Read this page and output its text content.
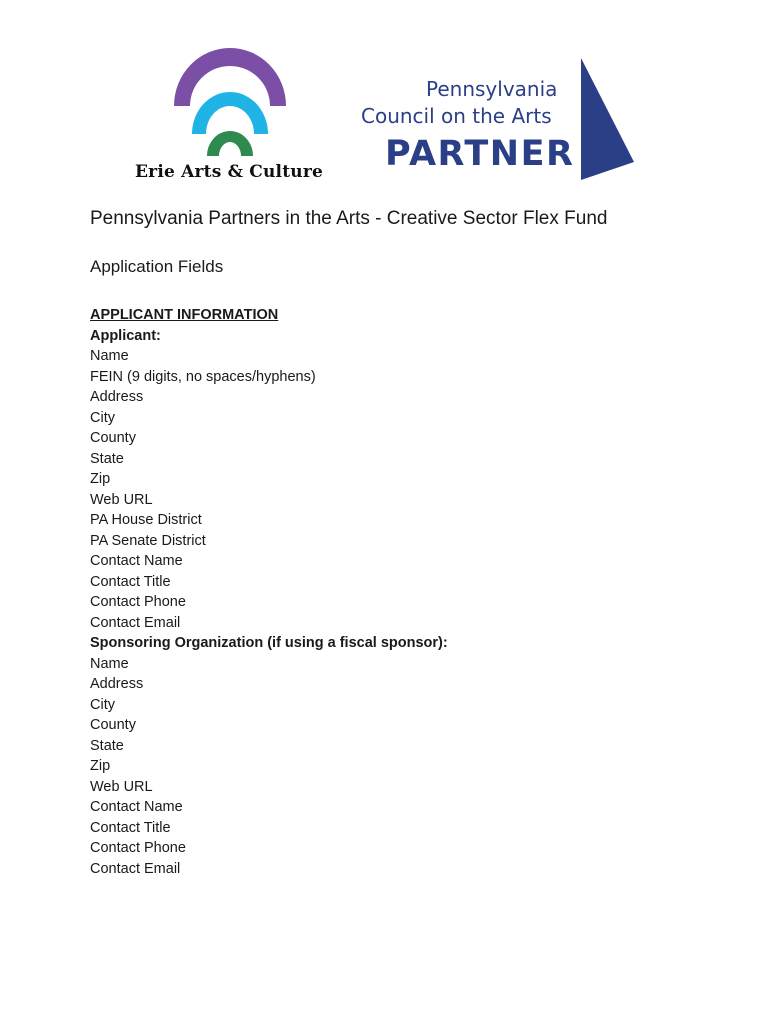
Erie Arts & Culture
Pennsylvania
Council on the Arts
PARTNER
Pennsylvania Partners in the Arts - Creative Sector Flex Fund
Application Fields
APPLICANT INFORMATION
Applicant:
Name
FEIN (9 digits, no spaces/hyphens)
Address
City
County
State
Zip
Web URL
PA House District
PA Senate District
Contact Name
Contact Title
Contact Phone
Contact Email
Sponsoring Organization (if using a fiscal sponsor):
Name
Address
City
County
State
Zip
Web URL
Contact Name
Contact Title
Contact Phone
Contact Email
